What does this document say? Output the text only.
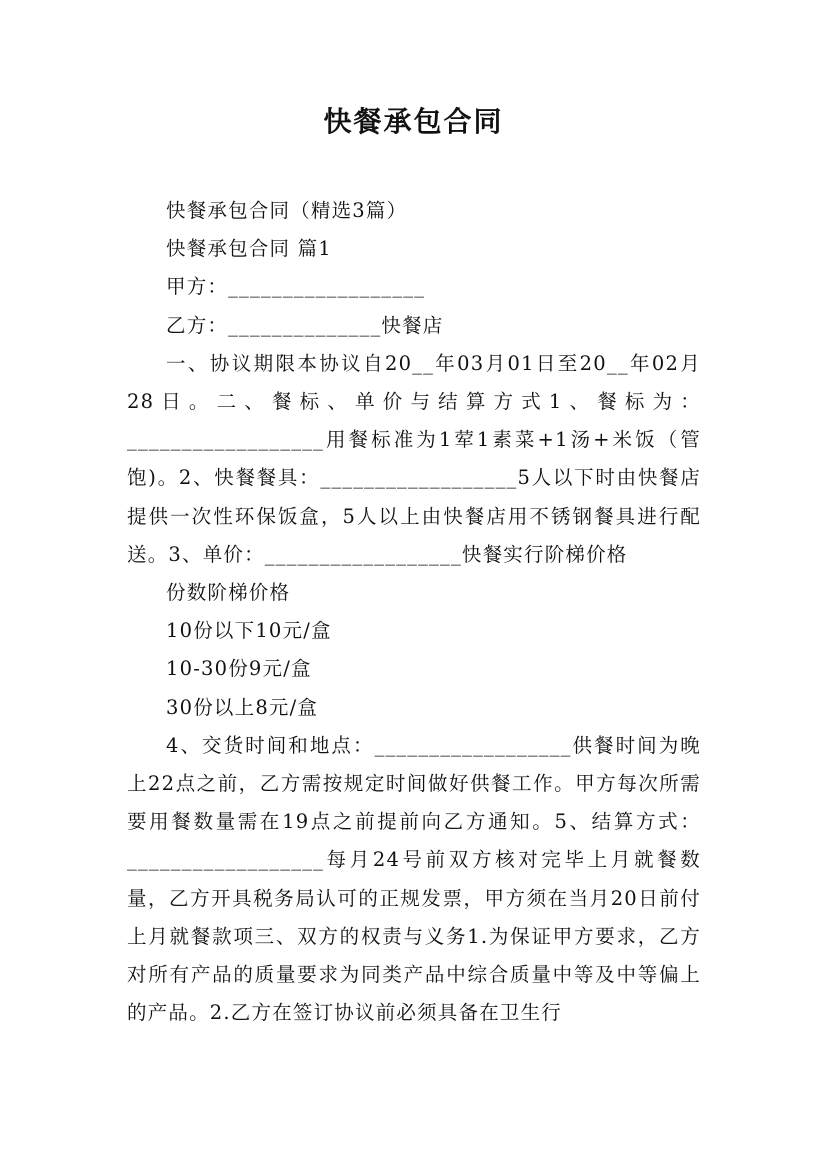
快餐承包合同

快餐承包合同（精选3篇）

快餐承包合同 篇1

甲方：__________________

乙方：______________快餐店

一、协议期限本协议自20__年03月01日至20__年02月28日。二、餐标、单价与结算方式1、餐标为：__________________用餐标准为1荤1素菜+1汤+米饭（管饱)。2、快餐餐具：__________________5人以下时由快餐店提供一次性环保饭盒，5人以上由快餐店用不锈钢餐具进行配送。3、单价：__________________快餐实行阶梯价格

份数阶梯价格

10份以下10元/盒

10-30份9元/盒

30份以上8元/盒

4、交货时间和地点：__________________供餐时间为晚上22点之前，乙方需按规定时间做好供餐工作。甲方每次所需要用餐数量需在19点之前提前向乙方通知。5、结算方式：__________________每月24号前双方核对完毕上月就餐数量，乙方开具税务局认可的正规发票，甲方须在当月20日前付上月就餐款项三、双方的权责与义务1.为保证甲方要求，乙方对所有产品的质量要求为同类产品中综合质量中等及中等偏上的产品。2.乙方在签订协议前必须具备在卫生行
